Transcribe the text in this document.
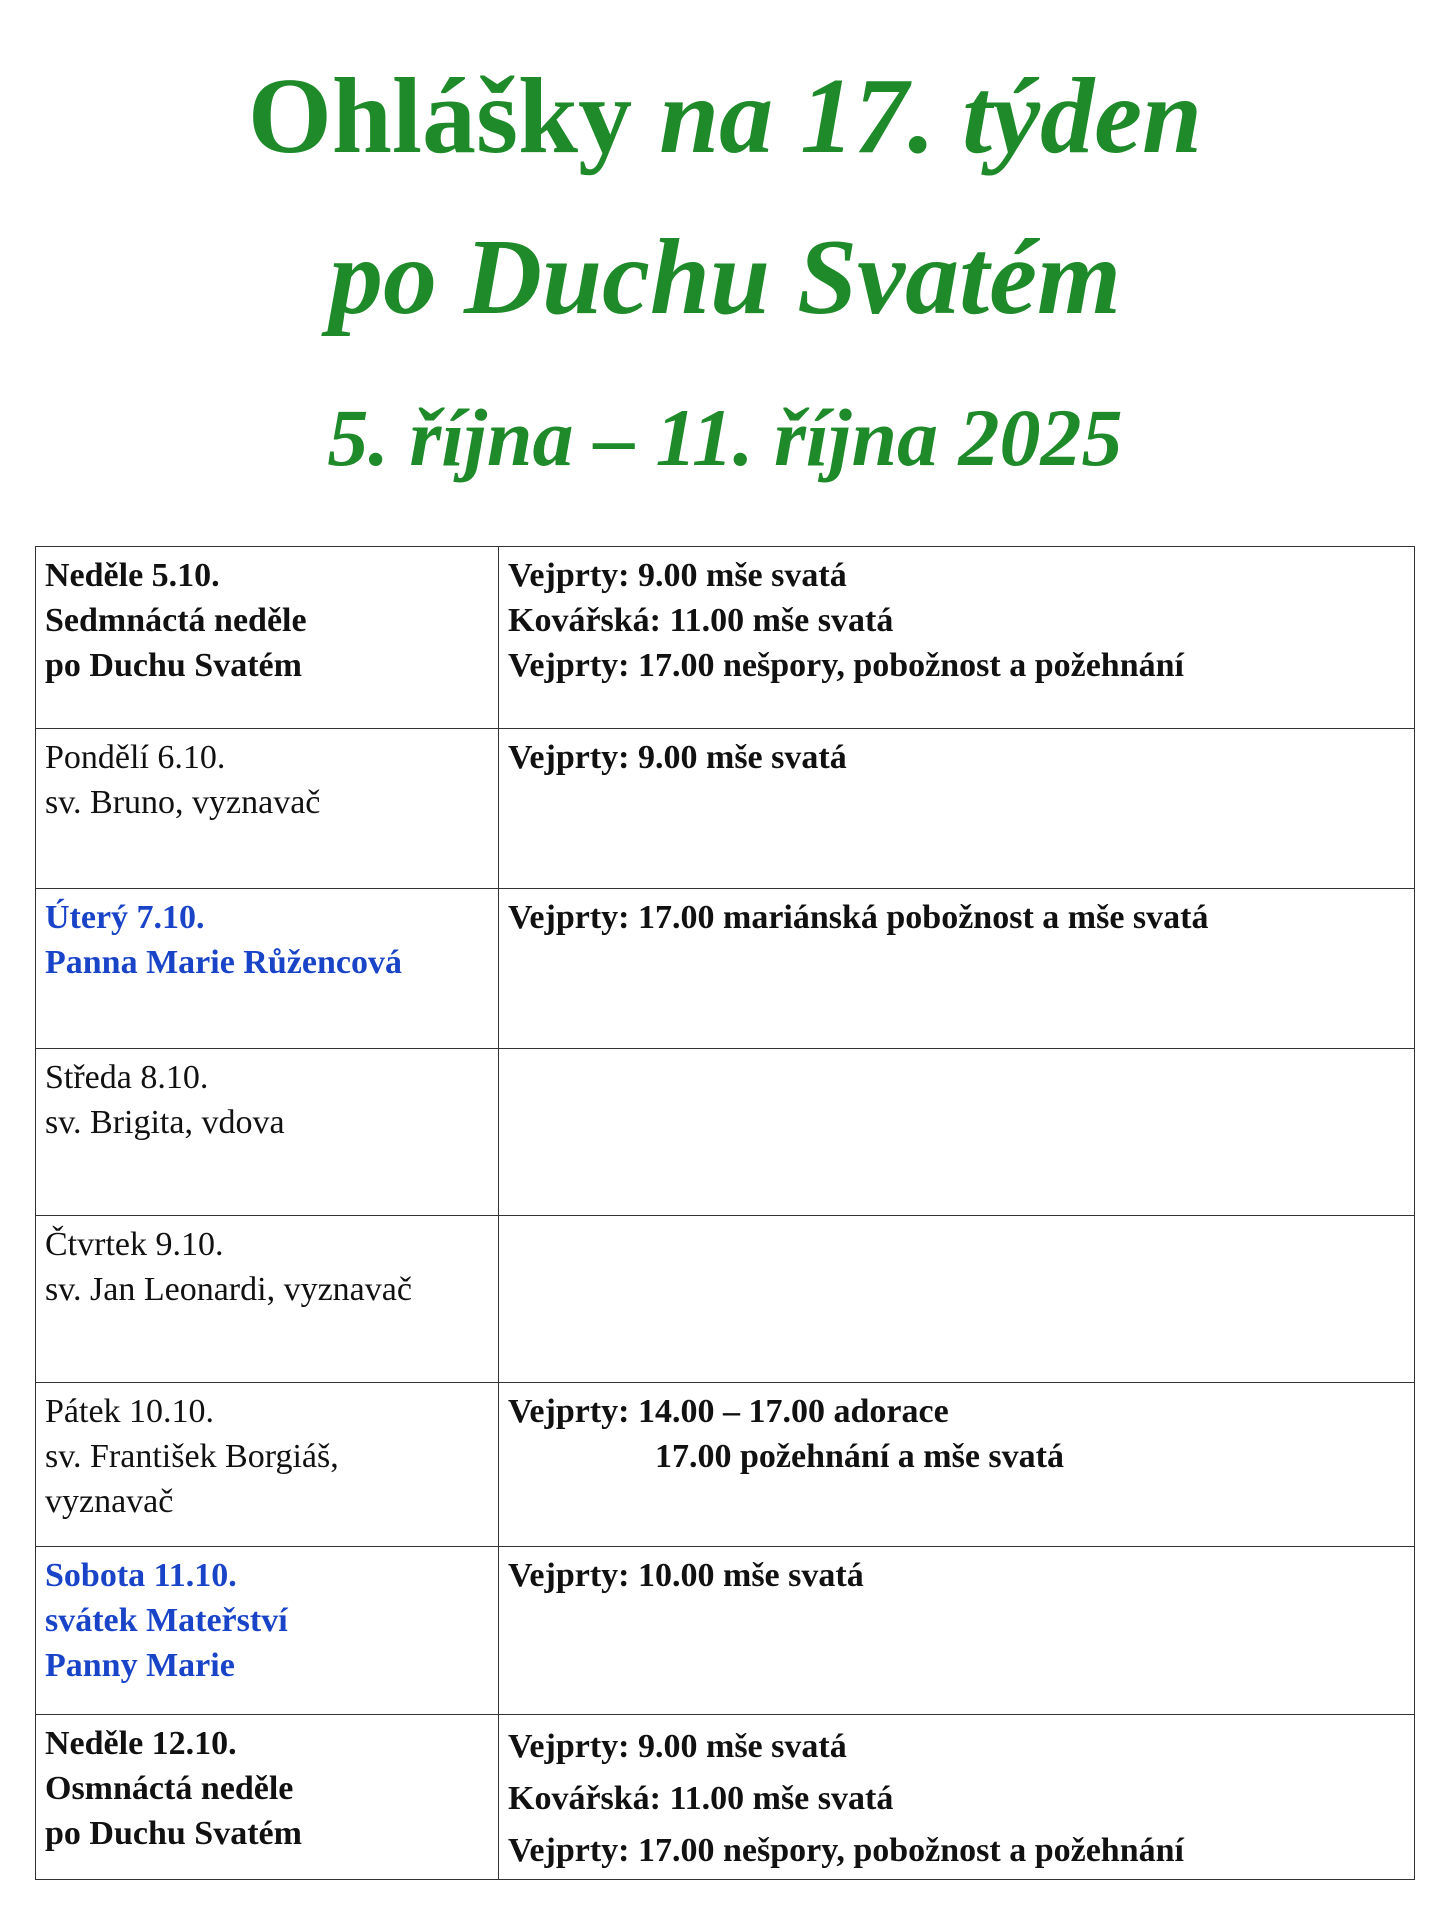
Ohlášky na 17. týden
po Duchu Svatém
5. října – 11. října 2025
Neděle 5.10.
Sedmnáctá neděle
po Duchu Svatém	Vejprty: 9.00 mše svatá
Kovářská: 11.00 mše svatá
Vejprty: 17.00 nešpory, pobožnost a požehnání

Pondělí 6.10.
sv. Bruno, vyznavač	Vejprty: 9.00 mše svatá

Úterý 7.10.
Panna Marie Růžencová	Vejprty: 17.00 mariánská pobožnost a mše svatá

Středa 8.10.
sv. Brigita, vdova	

Čtvrtek 9.10.
sv. Jan Leonardi, vyznavač	

Pátek 10.10.
sv. František Borgiáš,
vyznavač	Vejprty: 14.00 – 17.00 adorace
17.00 požehnání a mše svatá

Sobota 11.10.
svátek Mateřství
Panny Marie	Vejprty: 10.00 mše svatá

Neděle 12.10.
Osmnáctá neděle
po Duchu Svatém	Vejprty: 9.00 mše svatá
Kovářská: 11.00 mše svatá
Vejprty: 17.00 nešpory, pobožnost a požehnání
